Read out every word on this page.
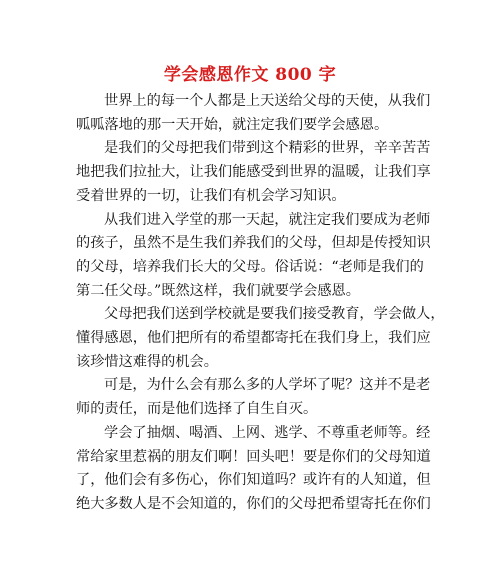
学会感恩作文 800 字
世界上的每一个人都是上天送给父母的天使，从我们
呱呱落地的那一天开始，就注定我们要学会感恩。
是我们的父母把我们带到这个精彩的世界，辛辛苦苦
地把我们拉扯大，让我们能感受到世界的温暖，让我们享
受着世界的一切，让我们有机会学习知识。
从我们进入学堂的那一天起，就注定我们要成为老师
的孩子，虽然不是生我们养我们的父母，但却是传授知识
的父母，培养我们长大的父母。俗话说：“老师是我们的
第二任父母。”既然这样，我们就要学会感恩。
父母把我们送到学校就是要我们接受教育，学会做人，
懂得感恩，他们把所有的希望都寄托在我们身上，我们应
该珍惜这难得的机会。
可是，为什么会有那么多的人学坏了呢？这并不是老
师的责任，而是他们选择了自生自灭。
学会了抽烟、喝酒、上网、逃学、不尊重老师等。经
常给家里惹祸的朋友们啊！回头吧！要是你们的父母知道
了，他们会有多伤心，你们知道吗？或许有的人知道，但
绝大多数人是不会知道的，你们的父母把希望寄托在你们
